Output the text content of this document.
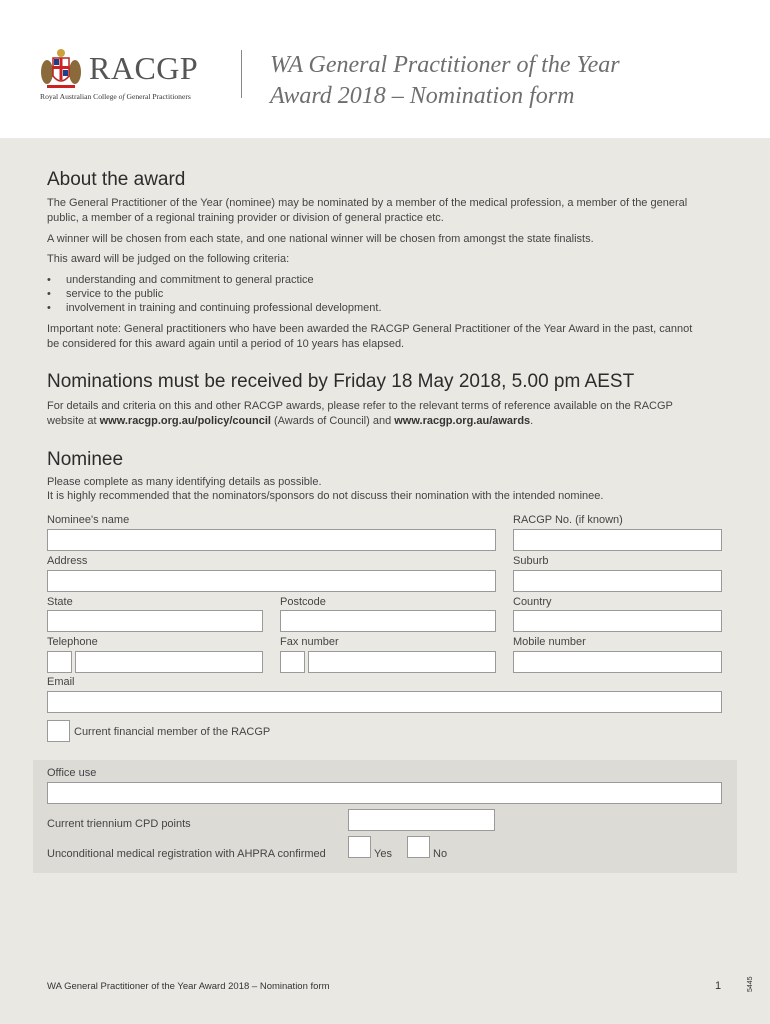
RACGP
Royal Australian College of General Practitioners
WA General Practitioner of the Year
Award 2018 – Nomination form
About the award

The General Practitioner of the Year (nominee) may be nominated by a member of the medical profession, a member of the general public, a member of a regional training provider or division of general practice etc.

A winner will be chosen from each state, and one national winner will be chosen from amongst the state finalists.

This award will be judged on the following criteria:

• understanding and commitment to general practice
• service to the public
• involvement in training and continuing professional development.

Important note: General practitioners who have been awarded the RACGP General Practitioner of the Year Award in the past, cannot be considered for this award again until a period of 10 years has elapsed.

Nominations must be received by Friday 18 May 2018, 5.00 pm AEST

For details and criteria on this and other RACGP awards, please refer to the relevant terms of reference available on the RACGP website at www.racgp.org.au/policy/council (Awards of Council) and www.racgp.org.au/awards.

Nominee

Please complete as many identifying details as possible.

It is highly recommended that the nominators/sponsors do not discuss their nomination with the intended nominee.

Nominee's name	RACGP No. (if known)
Address	Suburb
State	Postcode	Country
Telephone	Fax number	Mobile number
Email
Current financial member of the RACGP
Office use
Current triennium CPD points
Unconditional medical registration with AHPRA confirmed	Yes	No
WA General Practitioner of the Year Award 2018 – Nomination form	1	5445
